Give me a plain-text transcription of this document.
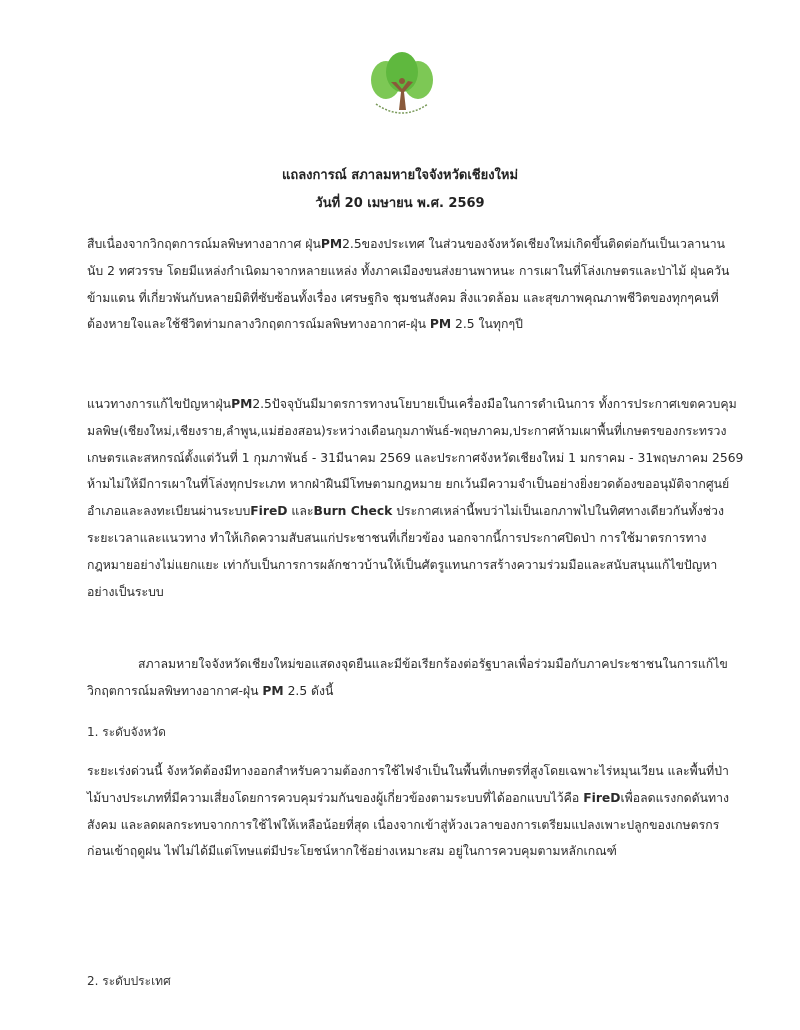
แถลงการณ์ สภาลมหายใจจังหวัดเชียงใหม่
วันที่ 20 เมษายน พ.ศ. 2569
สืบเนื่องจากวิกฤตการณ์มลพิษทางอากาศ ฝุ่นPM2.5ของประเทศ ในส่วนของจังหวัดเชียงใหม่เกิดขึ้นติดต่อกันเป็นเวลานาน
นับ 2 ทศวรรษ โดยมีแหล่งกำเนิดมาจากหลายแหล่ง ทั้งภาคเมืองขนส่งยานพาหนะ การเผาในที่โล่งเกษตรและป่าไม้ ฝุ่นควัน
ข้ามแดน ที่เกี่ยวพันกับหลายมิติที่ซับซ้อนทั้งเรื่อง เศรษฐกิจ ชุมชนสังคม สิ่งแวดล้อม และสุขภาพคุณภาพชีวิตของทุกๆคนที่
ต้องหายใจและใช้ชีวิตท่ามกลางวิกฤตการณ์มลพิษทางอากาศ-ฝุ่น PM 2.5 ในทุกๆปี
แนวทางการแก้ไขปัญหาฝุ่นPM2.5ปัจจุบันมีมาตรการทางนโยบายเป็นเครื่องมือในการดำเนินการ ทั้งการประกาศเขตควบคุม
มลพิษ(เชียงใหม่,เชียงราย,ลำพูน,แม่ฮ่องสอน)ระหว่างเดือนกุมภาพันธ์-พฤษภาคม,ประกาศห้ามเผาพื้นที่เกษตรของกระทรวง
เกษตรและสหกรณ์ตั้งแต่วันที่ 1 กุมภาพันธ์ - 31มีนาคม 2569 และประกาศจังหวัดเชียงใหม่ 1 มกราคม - 31พฤษภาคม 2569
ห้ามไม่ให้มีการเผาในที่โล่งทุกประเภท หากฝ่าฝืนมีโทษตามกฎหมาย ยกเว้นมีความจำเป็นอย่างยิ่งยวดต้องขออนุมัติจากศูนย์
อำเภอและลงทะเบียนผ่านระบบFireD และBurn Check ประกาศเหล่านี้พบว่าไม่เป็นเอกภาพไปในทิศทางเดียวกันทั้งช่วง
ระยะเวลาและแนวทาง ทำให้เกิดความสับสนแก่ประชาชนที่เกี่ยวข้อง นอกจากนี้การประกาศปิดป่า การใช้มาตรการทาง
กฎหมายอย่างไม่แยกแยะ เท่ากับเป็นการการผลักชาวบ้านให้เป็นศัตรูแทนการสร้างความร่วมมือและสนับสนุนแก้ไขปัญหา
อย่างเป็นระบบ
สภาลมหายใจจังหวัดเชียงใหม่ขอแสดงจุดยืนและมีข้อเรียกร้องต่อรัฐบาลเพื่อร่วมมือกับภาคประชาชนในการแก้ไข
วิกฤตการณ์มลพิษทางอากาศ-ฝุ่น PM 2.5 ดังนี้
1. ระดับจังหวัด
ระยะเร่งด่วนนี้ จังหวัดต้องมีทางออกสำหรับความต้องการใช้ไฟจำเป็นในพื้นที่เกษตรที่สูงโดยเฉพาะไร่หมุนเวียน และพื้นที่ป่า
ไม้บางประเภทที่มีความเสี่ยงโดยการควบคุมร่วมกันของผู้เกี่ยวข้องตามระบบที่ได้ออกแบบไว้คือ FireDเพื่อลดแรงกดดันทาง
สังคม และลดผลกระทบจากการใช้ไฟให้เหลือน้อยที่สุด เนื่องจากเข้าสู่ห้วงเวลาของการเตรียมแปลงเพาะปลูกของเกษตรกร
ก่อนเข้าฤดูฝน ไฟไม่ได้มีแต่โทษแต่มีประโยชน์หากใช้อย่างเหมาะสม อยู่ในการควบคุมตามหลักเกณฑ์
2. ระดับประเทศ
